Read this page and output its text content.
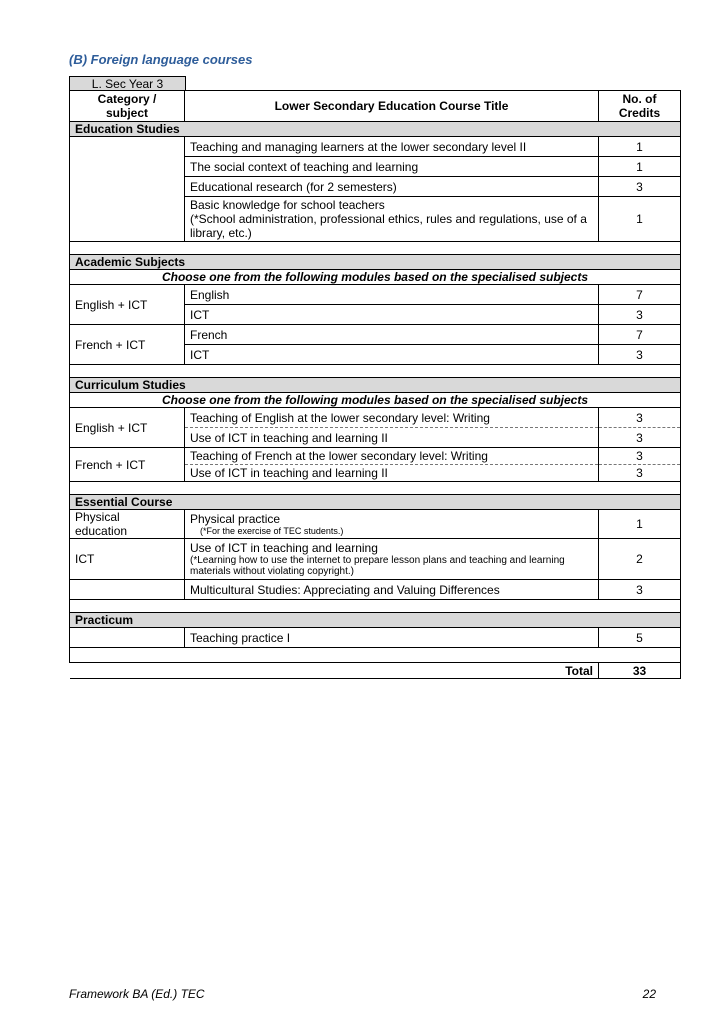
(B) Foreign language courses
L. Sec Year 3
Category /
subject	Lower Secondary Education Course Title	No. of
Credits
Education Studies		
	Teaching and managing learners at the lower secondary level II	1
	The social context of teaching and learning	1
	Educational research (for 2 semesters)	3
	Basic knowledge for school teachers
(*School administration, professional ethics, rules and regulations, use of a library, etc.)	1

Academic Subjects		
Choose one from the following modules based on the specialised subjects		
English + ICT	English	7
	ICT	3
French + ICT	French	7
	ICT	3

Curriculum Studies		
Choose one from the following modules based on the specialised subjects		
English + ICT	Teaching of English at the lower secondary level: Writing	3
	Use of ICT in teaching and learning II	3
French + ICT	Teaching of French at the lower secondary level: Writing	3
	Use of ICT in teaching and learning II	3

Essential Course		
Physical
education	Physical practice
(*For the exercise of TEC students.)	1
ICT	Use of ICT in teaching and learning
(*Learning how to use the internet to prepare lesson plans and teaching and learning materials without violating copyright.)	2
	Multicultural Studies: Appreciating and Valuing Differences	3

Practicum		
	Teaching practice I	5

	Total	33
Framework BA (Ed.) TEC	22
